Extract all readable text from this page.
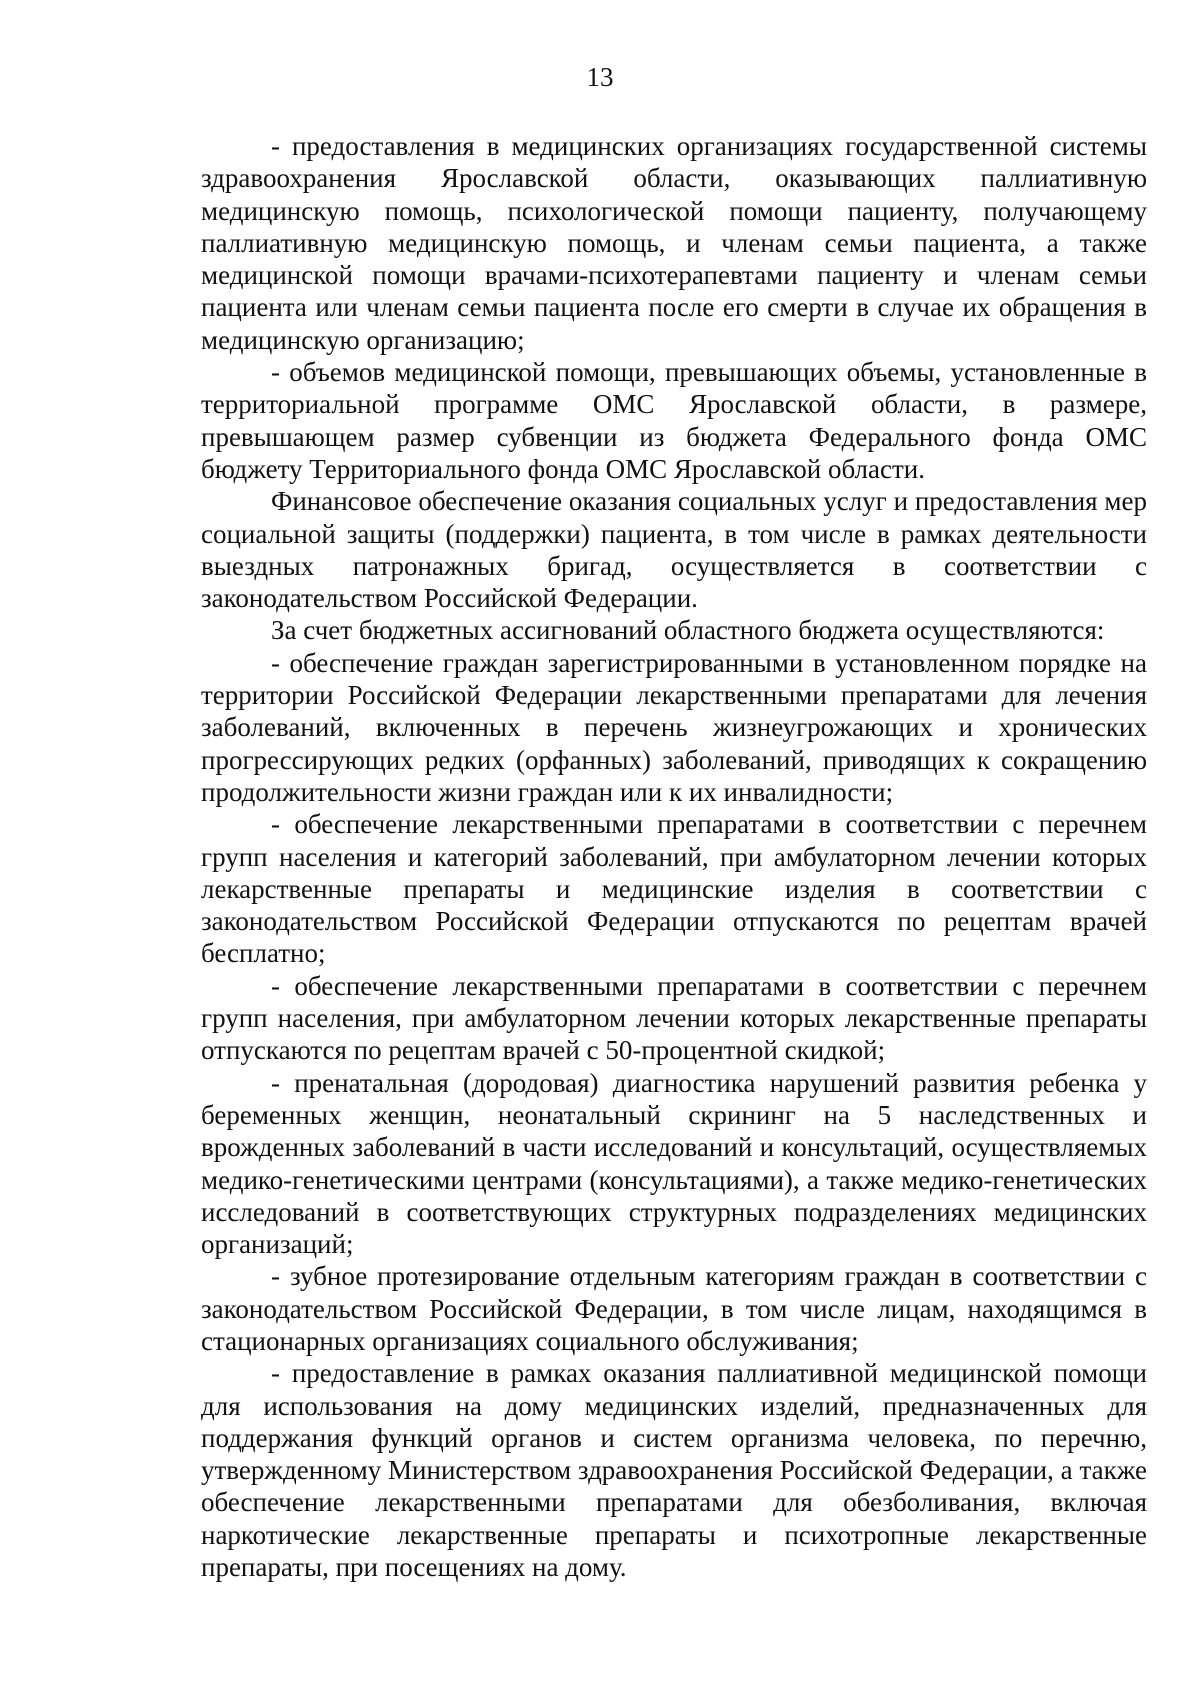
13

- предоставления в медицинских организациях государственной системы здравоохранения Ярославской области, оказывающих паллиативную медицинскую помощь, психологической помощи пациенту, получающему паллиативную медицинскую помощь, и членам семьи пациента, а также медицинской помощи врачами-психотерапевтами пациенту и членам семьи пациента или членам семьи пациента после его смерти в случае их обращения в медицинскую организацию;

- объемов медицинской помощи, превышающих объемы, установленные в территориальной программе ОМС Ярославской области, в размере, превышающем размер субвенции из бюджета Федерального фонда ОМС бюджету Территориального фонда ОМС Ярославской области.

Финансовое обеспечение оказания социальных услуг и предоставления мер социальной защиты (поддержки) пациента, в том числе в рамках деятельности выездных патронажных бригад, осуществляется в соответствии с законодательством Российской Федерации.

За счет бюджетных ассигнований областного бюджета осуществляются:

- обеспечение граждан зарегистрированными в установленном порядке на территории Российской Федерации лекарственными препаратами для лечения заболеваний, включенных в перечень жизнеугрожающих и хронических прогрессирующих редких (орфанных) заболеваний, приводящих к сокращению продолжительности жизни граждан или к их инвалидности;

- обеспечение лекарственными препаратами в соответствии с перечнем групп населения и категорий заболеваний, при амбулаторном лечении которых лекарственные препараты и медицинские изделия в соответствии с законодательством Российской Федерации отпускаются по рецептам врачей бесплатно;

- обеспечение лекарственными препаратами в соответствии с перечнем групп населения, при амбулаторном лечении которых лекарственные препараты отпускаются по рецептам врачей с 50-процентной скидкой;

- пренатальная (дородовая) диагностика нарушений развития ребенка у беременных женщин, неонатальный скрининг на 5 наследственных и врожденных заболеваний в части исследований и консультаций, осуществляемых медико-генетическими центрами (консультациями), а также медико-генетических исследований в соответствующих структурных подразделениях медицинских организаций;

- зубное протезирование отдельным категориям граждан в соответствии с законодательством Российской Федерации, в том числе лицам, находящимся в стационарных организациях социального обслуживания;

- предоставление в рамках оказания паллиативной медицинской помощи для использования на дому медицинских изделий, предназначенных для поддержания функций органов и систем организма человека, по перечню, утвержденному Министерством здравоохранения Российской Федерации, а также обеспечение лекарственными препаратами для обезболивания, включая наркотические лекарственные препараты и психотропные лекарственные препараты, при посещениях на дому.
